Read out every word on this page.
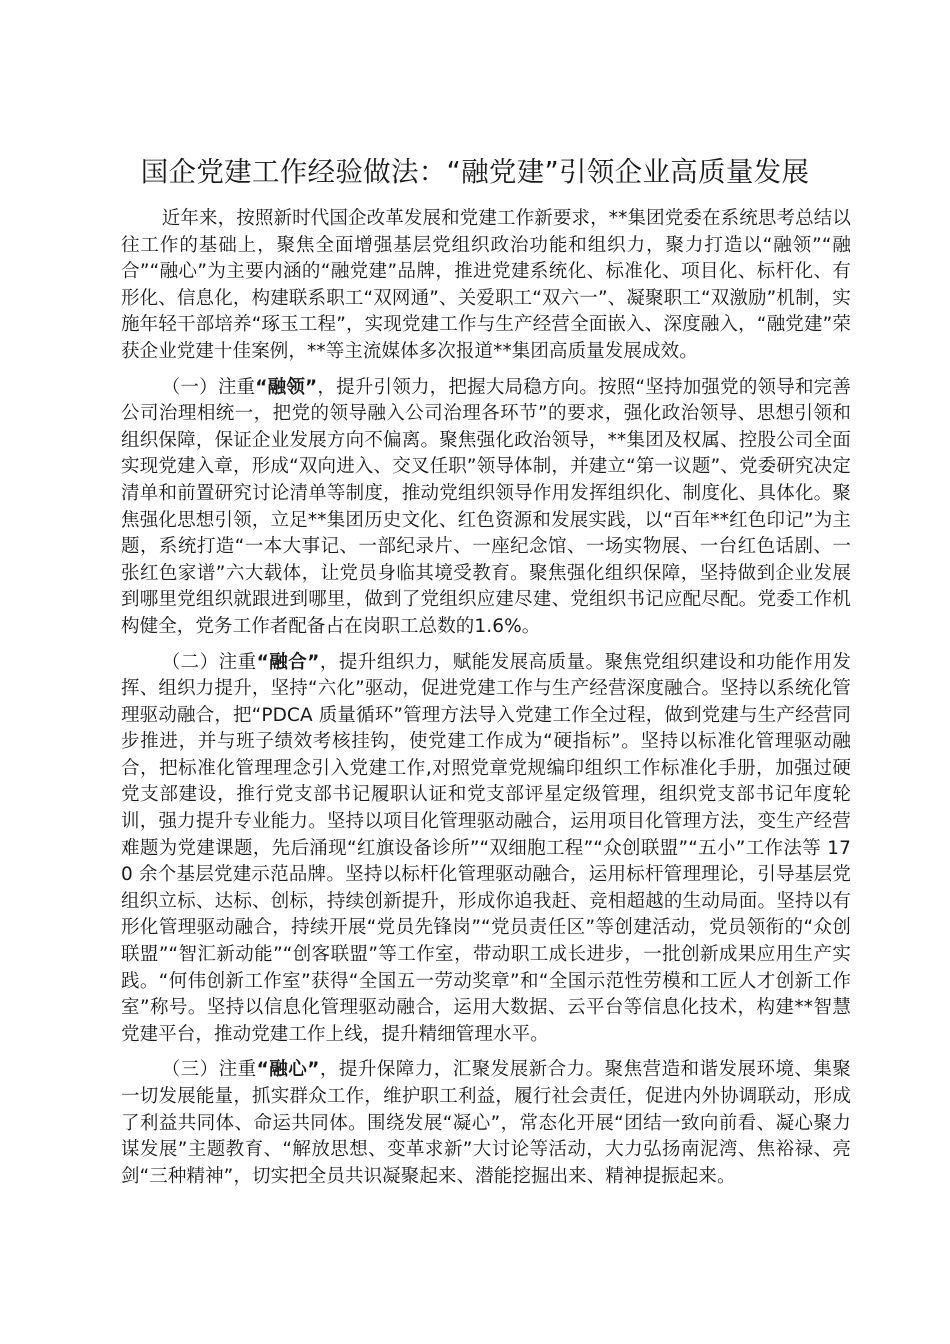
国企党建工作经验做法：“融党建”引领企业高质量发展

近年来，按照新时代国企改革发展和党建工作新要求，**集团党委在系统思考总结以往工作的基础上，聚焦全面增强基层党组织政治功能和组织力，聚力打造以“融领”“融合”“融心”为主要内涵的“融党建”品牌，推进党建系统化、标准化、项目化、标杆化、有形化、信息化，构建联系职工“双网通”、关爱职工“双六一”、凝聚职工“双激励”机制，实施年轻干部培养“琢玉工程”，实现党建工作与生产经营全面嵌入、深度融入，“融党建”荣获企业党建十佳案例，**等主流媒体多次报道**集团高质量发展成效。

（一）注重“融领”，提升引领力，把握大局稳方向。按照“坚持加强党的领导和完善公司治理相统一，把党的领导融入公司治理各环节”的要求，强化政治领导、思想引领和组织保障，保证企业发展方向不偏离。聚焦强化政治领导，**集团及权属、控股公司全面实现党建入章，形成“双向进入、交叉任职”领导体制，并建立“第一议题”、党委研究决定清单和前置研究讨论清单等制度，推动党组织领导作用发挥组织化、制度化、具体化。聚焦强化思想引领，立足**集团历史文化、红色资源和发展实践，以“百年**红色印记”为主题，系统打造“一本大事记、一部纪录片、一座纪念馆、一场实物展、一台红色话剧、一张红色家谱”六大载体，让党员身临其境受教育。聚焦强化组织保障，坚持做到企业发展到哪里党组织就跟进到哪里，做到了党组织应建尽建、党组织书记应配尽配。党委工作机构健全，党务工作者配备占在岗职工总数的1.6%。

（二）注重“融合”，提升组织力，赋能发展高质量。聚焦党组织建设和功能作用发挥、组织力提升，坚持“六化”驱动，促进党建工作与生产经营深度融合。坚持以系统化管理驱动融合，把“PDCA 质量循环”管理方法导入党建工作全过程，做到党建与生产经营同步推进，并与班子绩效考核挂钩，使党建工作成为“硬指标”。坚持以标准化管理驱动融合，把标准化管理理念引入党建工作,对照党章党规编印组织工作标准化手册，加强过硬党支部建设，推行党支部书记履职认证和党支部评星定级管理，组织党支部书记年度轮训，强力提升专业能力。坚持以项目化管理驱动融合，运用项目化管理方法，变生产经营难题为党建课题，先后涌现“红旗设备诊所”“双细胞工程”“众创联盟”“五小”工作法等 170 余个基层党建示范品牌。坚持以标杆化管理驱动融合，运用标杆管理理论，引导基层党组织立标、达标、创标，持续创新提升，形成你追我赶、竞相超越的生动局面。坚持以有形化管理驱动融合，持续开展“党员先锋岗”“党员责任区”等创建活动，党员领衔的“众创联盟”“智汇新动能”“创客联盟”等工作室，带动职工成长进步，一批创新成果应用生产实践。“何伟创新工作室”获得“全国五一劳动奖章”和“全国示范性劳模和工匠人才创新工作室”称号。坚持以信息化管理驱动融合，运用大数据、云平台等信息化技术，构建**智慧党建平台，推动党建工作上线，提升精细管理水平。

（三）注重“融心”，提升保障力，汇聚发展新合力。聚焦营造和谐发展环境、集聚一切发展能量，抓实群众工作，维护职工利益，履行社会责任，促进内外协调联动，形成了利益共同体、命运共同体。围绕发展“凝心”，常态化开展“团结一致向前看、凝心聚力谋发展”主题教育、“解放思想、变革求新”大讨论等活动，大力弘扬南泥湾、焦裕禄、亮剑“三种精神”，切实把全员共识凝聚起来、潜能挖掘出来、精神提振起来。
